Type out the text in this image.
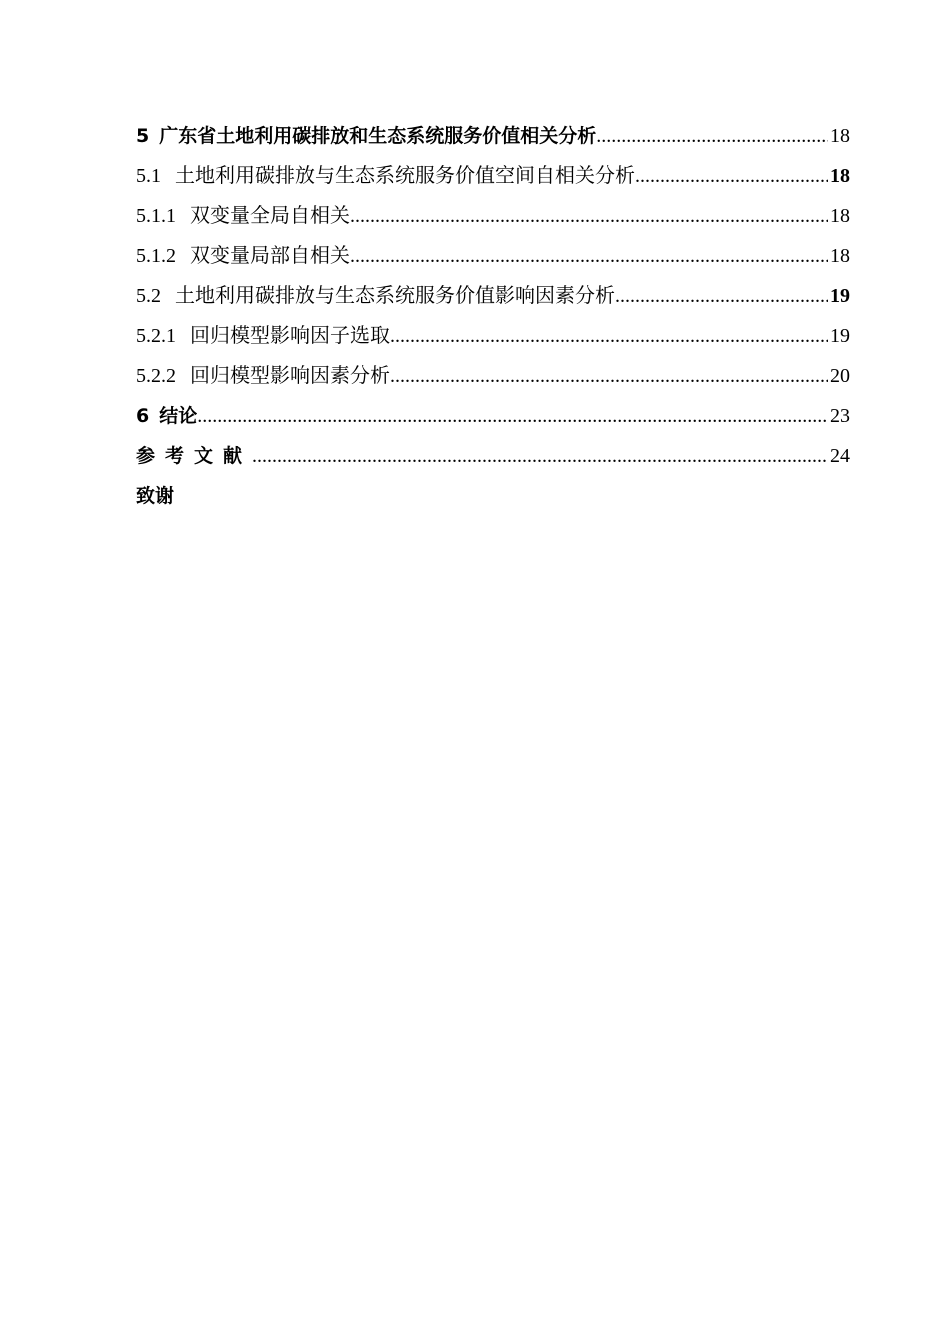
5 广东省土地利用碳排放和生态系统服务价值相关分析 .....	18
5.1 土地利用碳排放与生态系统服务价值空间自相关分析 .....	18
5.1.1 双变量全局自相关 .....	18
5.1.2 双变量局部自相关 .....	18
5.2 土地利用碳排放与生态系统服务价值影响因素分析 .....	19
5.2.1 回归模型影响因子选取 .....	19
5.2.2 回归模型影响因素分析 .....	20
6 结论 .....	23
参考文献 .....	24
致谢
